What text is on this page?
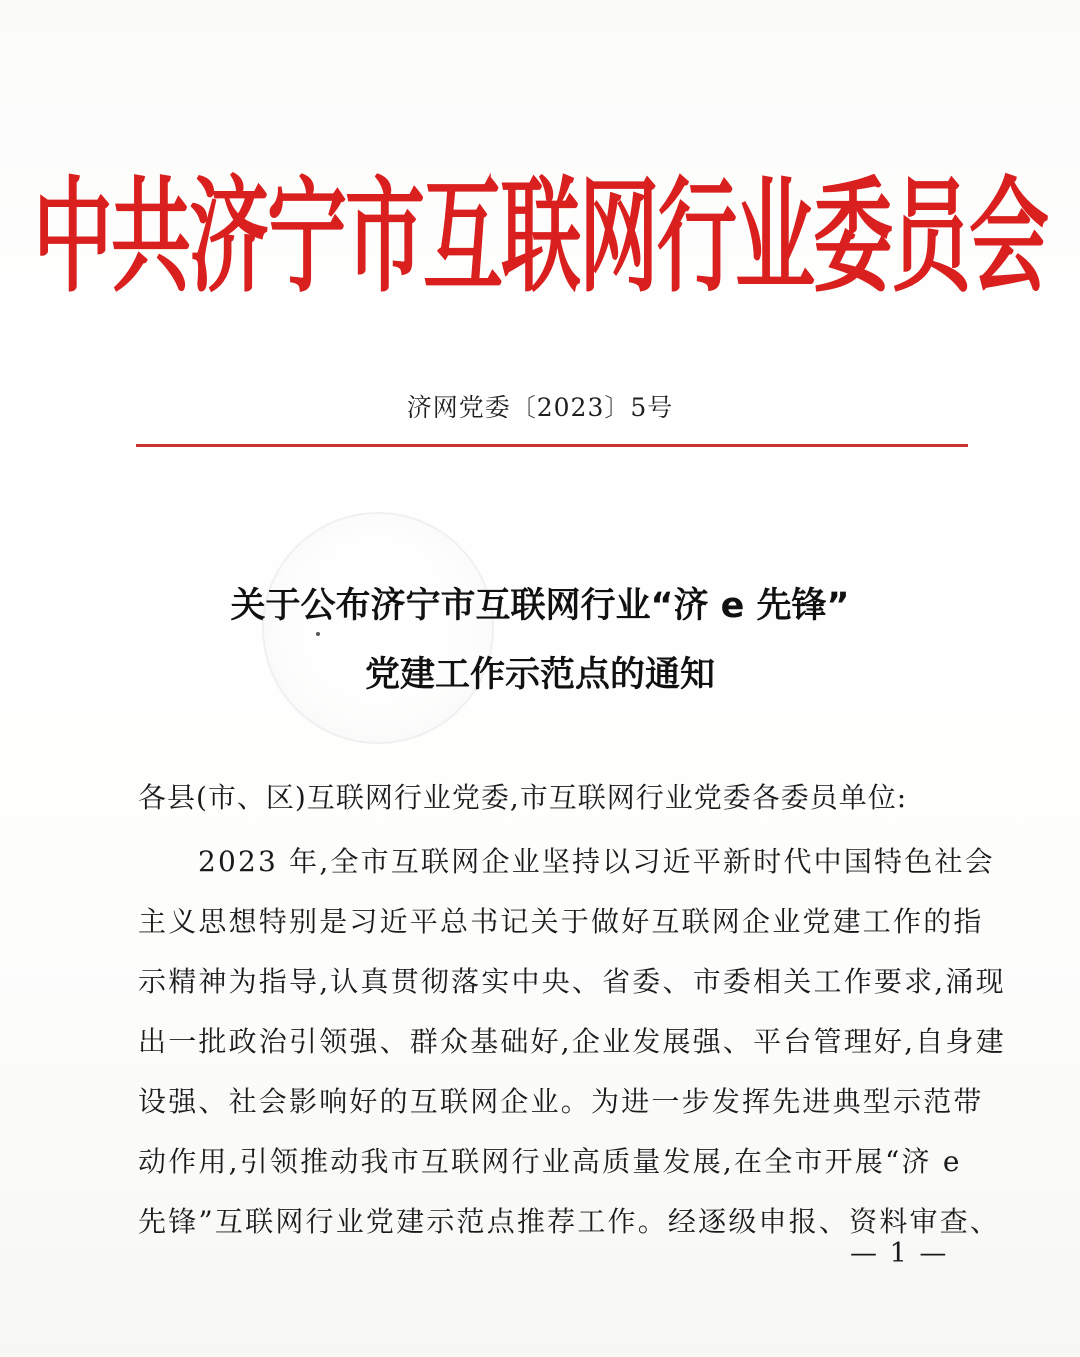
中共济宁市互联网行业委员会
济网党委〔2023〕5号
关于公布济宁市互联网行业“济 e 先锋”
党建工作示范点的通知
各县(市、区)互联网行业党委,市互联网行业党委各委员单位:
2023 年,全市互联网企业坚持以习近平新时代中国特色社会
主义思想特别是习近平总书记关于做好互联网企业党建工作的指
示精神为指导,认真贯彻落实中央、省委、市委相关工作要求,涌现
出一批政治引领强、群众基础好,企业发展强、平台管理好,自身建
设强、社会影响好的互联网企业。为进一步发挥先进典型示范带
动作用,引领推动我市互联网行业高质量发展,在全市开展“济 e
先锋”互联网行业党建示范点推荐工作。经逐级申报、资料审查、
— 1 —
